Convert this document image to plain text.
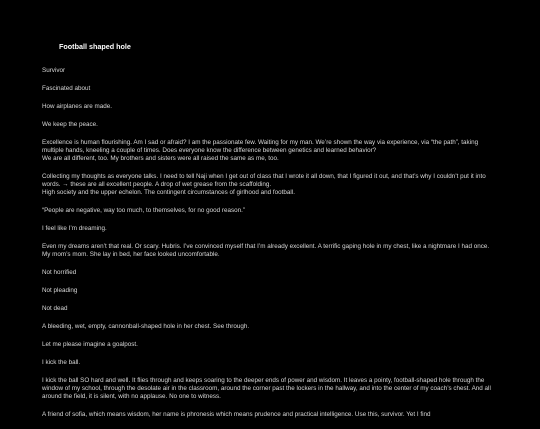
Football shaped hole

Survivor

Fascinated about

How airplanes are made.

We keep the peace.

Excellence is human flourishing. Am I sad or afraid? I am the passionate few. Waiting for my man. We’re shown the way via experience, via “the path”, taking multiple hands, kneeling a couple of times. Does everyone know the difference between genetics and learned behavior?
We are all different, too. My brothers and sisters were all raised the same as me, too.

Collecting my thoughts as everyone talks. I need to tell Naji when I get out of class that I wrote it all down, that I figured it out, and that’s why I couldn’t put it into words. → these are all excellent people. A drop of wet grease from the scaffolding.
High society and the upper echelon. The contingent circumstances of girlhood and football.

“People are negative, way too much, to themselves, for no good reason.”

I feel like I’m dreaming.

Even my dreams aren’t that real. Or scary. Hubris. I’ve convinced myself that I’m already excellent. A terrific gaping hole in my chest, like a nightmare I had once. My mom’s mom. She lay in bed, her face looked uncomfortable.

Not horrified

Not pleading

Not dead

A bleeding, wet, empty, cannonball-shaped hole in her chest. See through.

Let me please imagine a goalpost.

I kick the ball.

I kick the ball SO hard and well. It flies through and keeps soaring to the deeper ends of power and wisdom. It leaves a pointy, football-shaped hole through the window of my school, through the desolate air in the classroom, around the corner past the lockers in the hallway, and into the center of my coach’s chest. And all around the field, it is silent, with no applause. No one to witness.

A friend of sofia, which means wisdom, her name is phronesis which means prudence and practical intelligence. Use this, survivor. Yet I find
